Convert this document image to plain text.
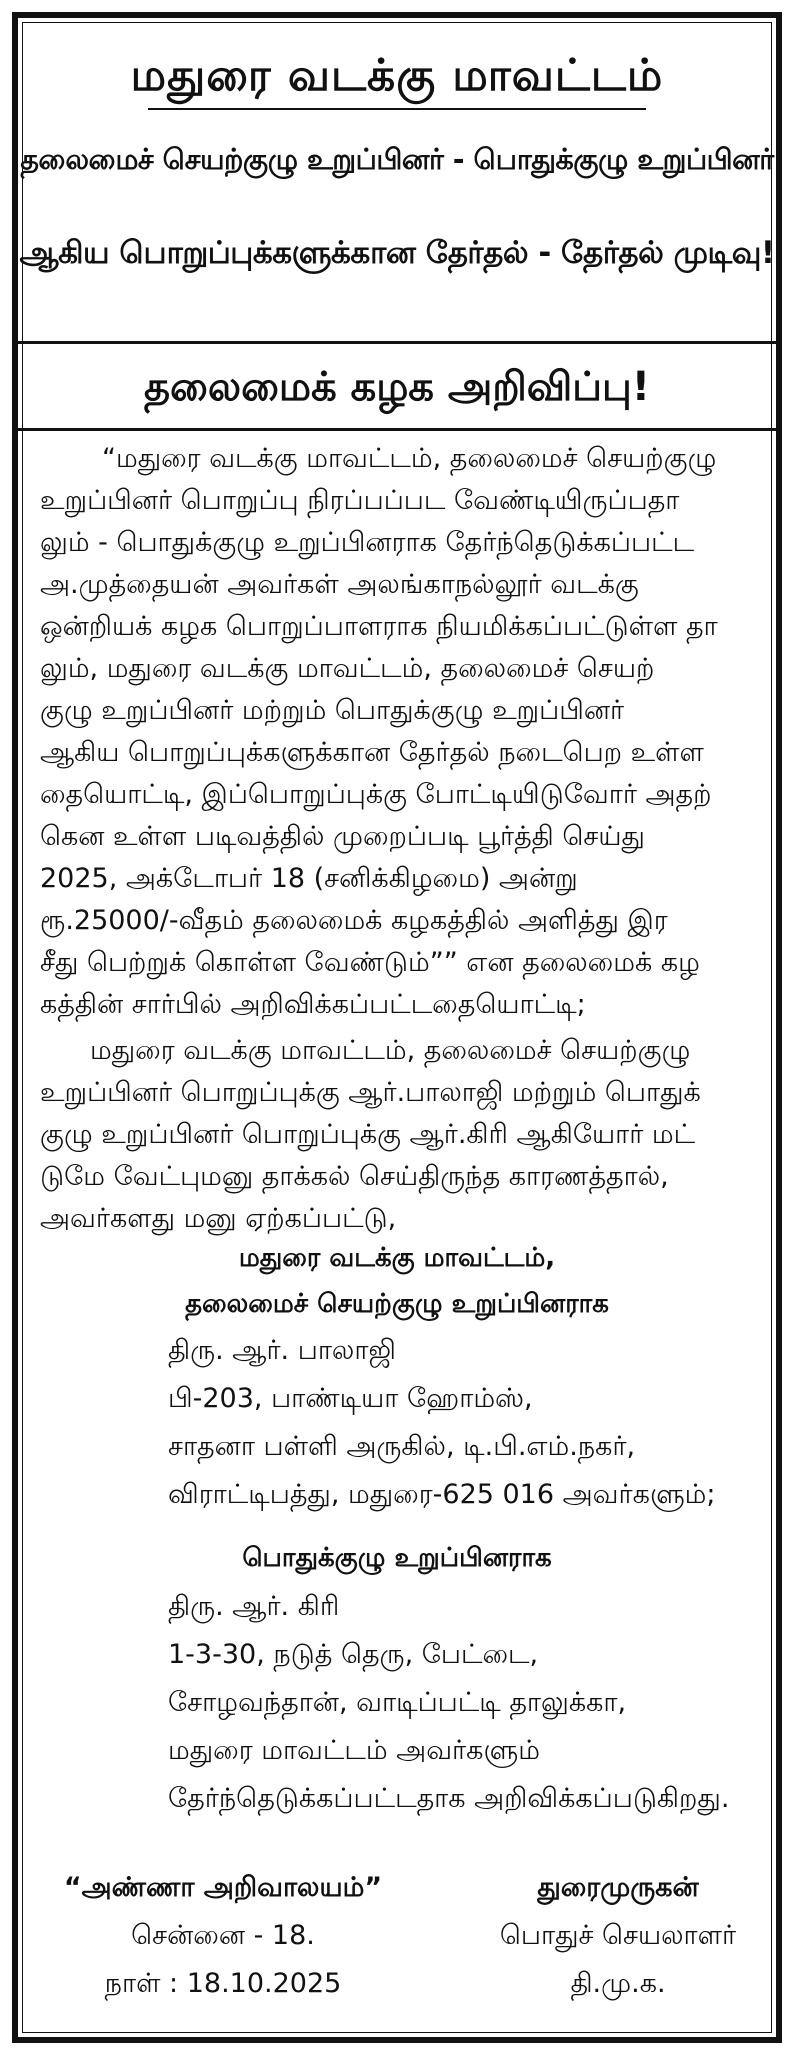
மதுரை வடக்கு மாவட்டம்
தலைமைச் செயற்குழு உறுப்பினர் - பொதுக்குழு உறுப்பினர்
ஆகிய பொறுப்புக்களுக்கான தேர்தல் - தேர்தல் முடிவு!
தலைமைக் கழக அறிவிப்பு!
“மதுரை வடக்கு மாவட்டம், தலைமைச் செயற்குழு
உறுப்பினர் பொறுப்பு நிரப்பப்பட வேண்டியிருப்பதா
லும் - பொதுக்குழு உறுப்பினராக தேர்ந்தெடுக்கப்பட்ட
அ.முத்தையன் அவர்கள் அலங்காநல்லூர் வடக்கு
ஒன்றியக் கழக பொறுப்பாளராக நியமிக்கப்பட்டுள்ள தா
லும், மதுரை வடக்கு மாவட்டம், தலைமைச் செயற்
குழு உறுப்பினர் மற்றும் பொதுக்குழு உறுப்பினர்
ஆகிய பொறுப்புக்களுக்கான தேர்தல் நடைபெற உள்ள
தையொட்டி, இப்பொறுப்புக்கு போட்டியிடுவோர் அதற்
கென உள்ள படிவத்தில் முறைப்படி பூர்த்தி செய்து
2025, அக்டோபர் 18 (சனிக்கிழமை) அன்று
ரூ.25000/-வீதம் தலைமைக் கழகத்தில் அளித்து இர
சீது பெற்றுக் கொள்ள வேண்டும்”” என தலைமைக் கழ
கத்தின் சார்பில் அறிவிக்கப்பட்டதையொட்டி;
மதுரை வடக்கு மாவட்டம், தலைமைச் செயற்குழு
உறுப்பினர் பொறுப்புக்கு ஆர்.பாலாஜி மற்றும் பொதுக்
குழு உறுப்பினர் பொறுப்புக்கு ஆர்.கிரி ஆகியோர் மட்
டுமே வேட்புமனு தாக்கல் செய்திருந்த காரணத்தால்,
அவர்களது மனு ஏற்கப்பட்டு,
மதுரை வடக்கு மாவட்டம்,
தலைமைச் செயற்குழு உறுப்பினராக
திரு. ஆர். பாலாஜி
பி-203, பாண்டியா ஹோம்ஸ்,
சாதனா பள்ளி அருகில், டி.பி.எம்.நகர்,
விராட்டிபத்து, மதுரை-625 016 அவர்களும்;
பொதுக்குழு உறுப்பினராக
திரு. ஆர். கிரி
1-3-30, நடுத் தெரு, பேட்டை,
சோழவந்தான், வாடிப்பட்டி தாலுக்கா,
மதுரை மாவட்டம் அவர்களும்
தேர்ந்தெடுக்கப்பட்டதாக அறிவிக்கப்படுகிறது.
“அண்ணா அறிவாலயம்”
சென்னை - 18.
நாள் : 18.10.2025
துரைமுருகன்
பொதுச் செயலாளர்
தி.மு.க.
